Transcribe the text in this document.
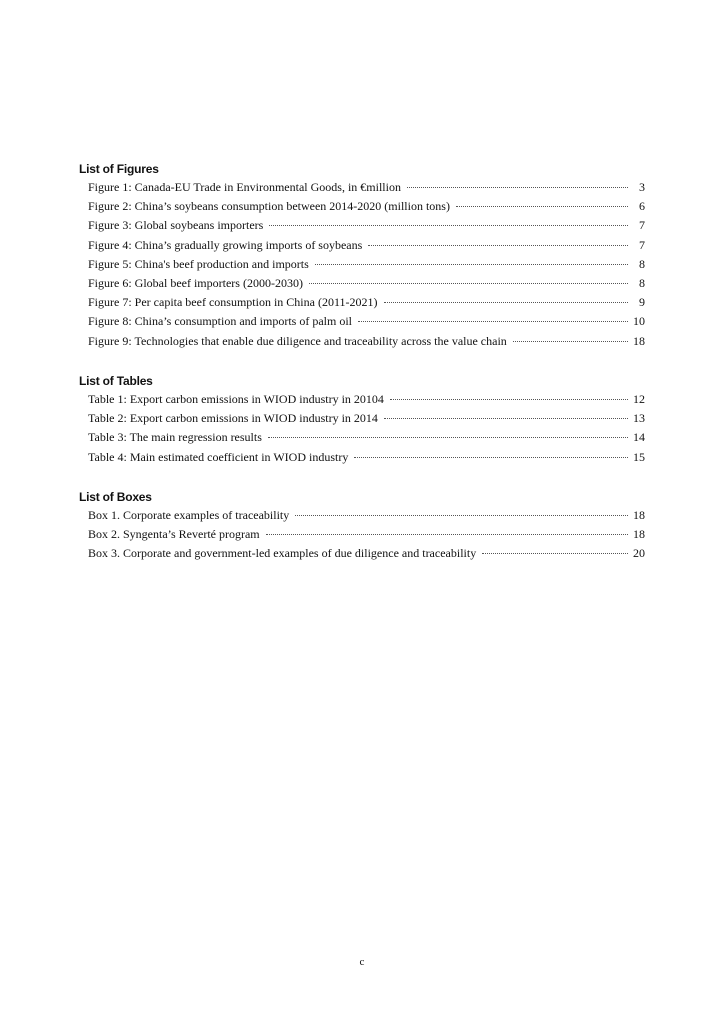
List of Figures
Figure 1: Canada-EU Trade in Environmental Goods, in €million	3
Figure 2: China’s soybeans consumption between 2014-2020 (million tons)	6
Figure 3: Global soybeans importers	7
Figure 4: China’s gradually growing imports of soybeans	7
Figure 5: China's beef production and imports	8
Figure 6: Global beef importers (2000-2030)	8
Figure 7: Per capita beef consumption in China (2011-2021)	9
Figure 8: China’s consumption and imports of palm oil	10
Figure 9: Technologies that enable due diligence and traceability across the value chain	18
List of Tables
Table 1: Export carbon emissions in WIOD industry in 20104	12
Table 2: Export carbon emissions in WIOD industry in 2014	13
Table 3: The main regression results	14
Table 4: Main estimated coefficient in WIOD industry	15
List of Boxes
Box 1. Corporate examples of traceability	18
Box 2. Syngenta’s Reverté program	18
Box 3. Corporate and government-led examples of due diligence and traceability	20
c
